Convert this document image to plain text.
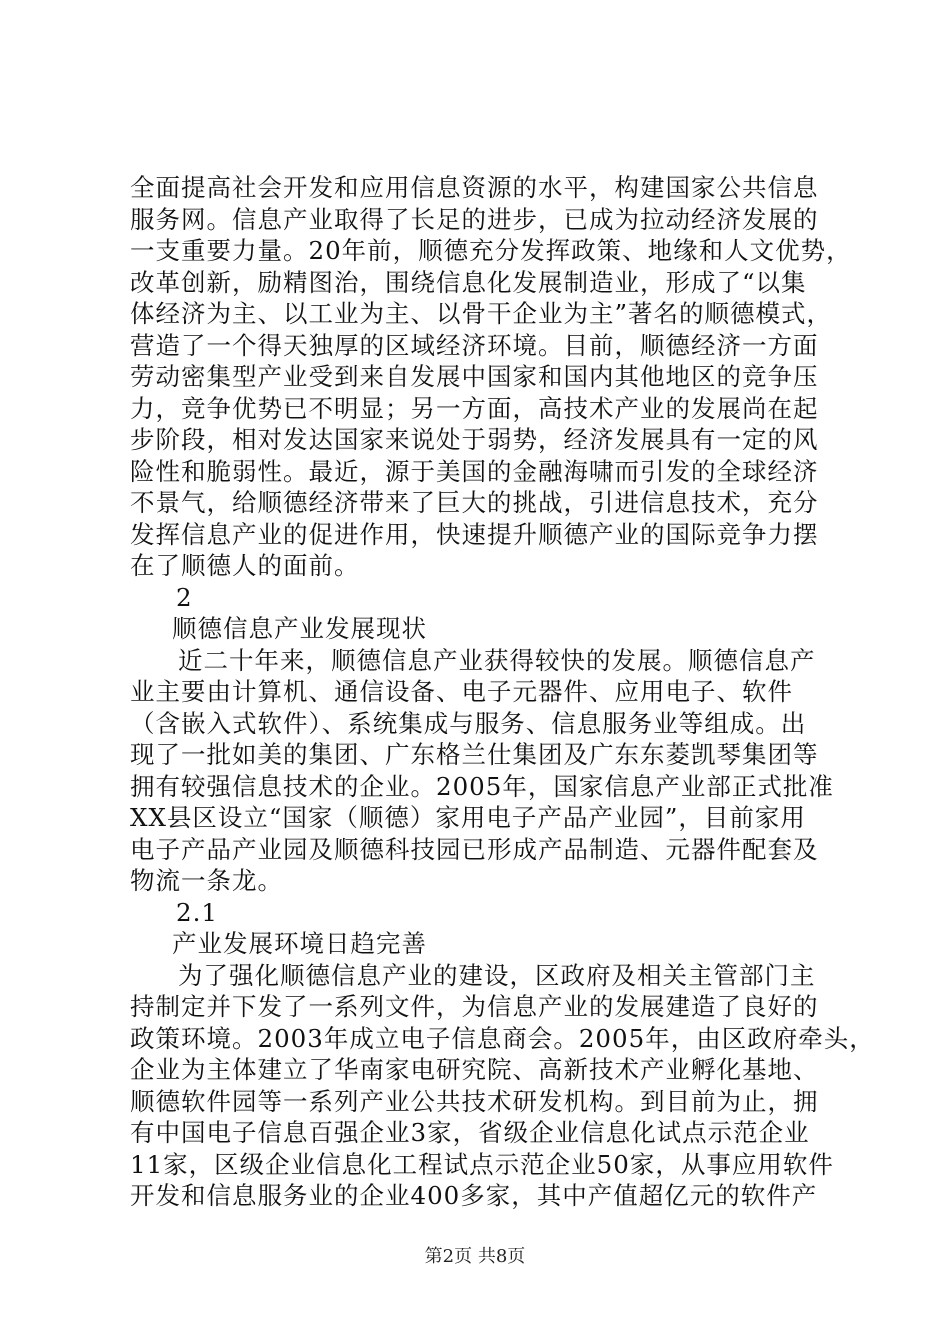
全面提高社会开发和应用信息资源的水平，构建国家公共信息
服务网。信息产业取得了长足的进步，已成为拉动经济发展的
一支重要力量。20年前，顺德充分发挥政策、地缘和人文优势，
改革创新，励精图治，围绕信息化发展制造业，形成了“以集
体经济为主、以工业为主、以骨干企业为主”著名的顺德模式，
营造了一个得天独厚的区域经济环境。目前，顺德经济一方面
劳动密集型产业受到来自发展中国家和国内其他地区的竞争压
力，竞争优势已不明显；另一方面，高技术产业的发展尚在起
步阶段，相对发达国家来说处于弱势，经济发展具有一定的风
险性和脆弱性。最近，源于美国的金融海啸而引发的全球经济
不景气，给顺德经济带来了巨大的挑战，引进信息技术，充分
发挥信息产业的促进作用，快速提升顺德产业的国际竞争力摆
在了顺德人的面前。
2
顺德信息产业发展现状
近二十年来，顺德信息产业获得较快的发展。顺德信息产
业主要由计算机、通信设备、电子元器件、应用电子、软件
（含嵌入式软件）、系统集成与服务、信息服务业等组成。出
现了一批如美的集团、广东格兰仕集团及广东东菱凯琴集团等
拥有较强信息技术的企业。2005年，国家信息产业部正式批准
XX县区设立“国家（顺德）家用电子产品产业园”，目前家用
电子产品产业园及顺德科技园已形成产品制造、元器件配套及
物流一条龙。
2.1
产业发展环境日趋完善
为了强化顺德信息产业的建设，区政府及相关主管部门主
持制定并下发了一系列文件，为信息产业的发展建造了良好的
政策环境。2003年成立电子信息商会。2005年，由区政府牵头，
企业为主体建立了华南家电研究院、高新技术产业孵化基地、
顺德软件园等一系列产业公共技术研发机构。到目前为止，拥
有中国电子信息百强企业3家，省级企业信息化试点示范企业
11家，区级企业信息化工程试点示范企业50家，从事应用软件
开发和信息服务业的企业400多家，其中产值超亿元的软件产
第2页 共8页
